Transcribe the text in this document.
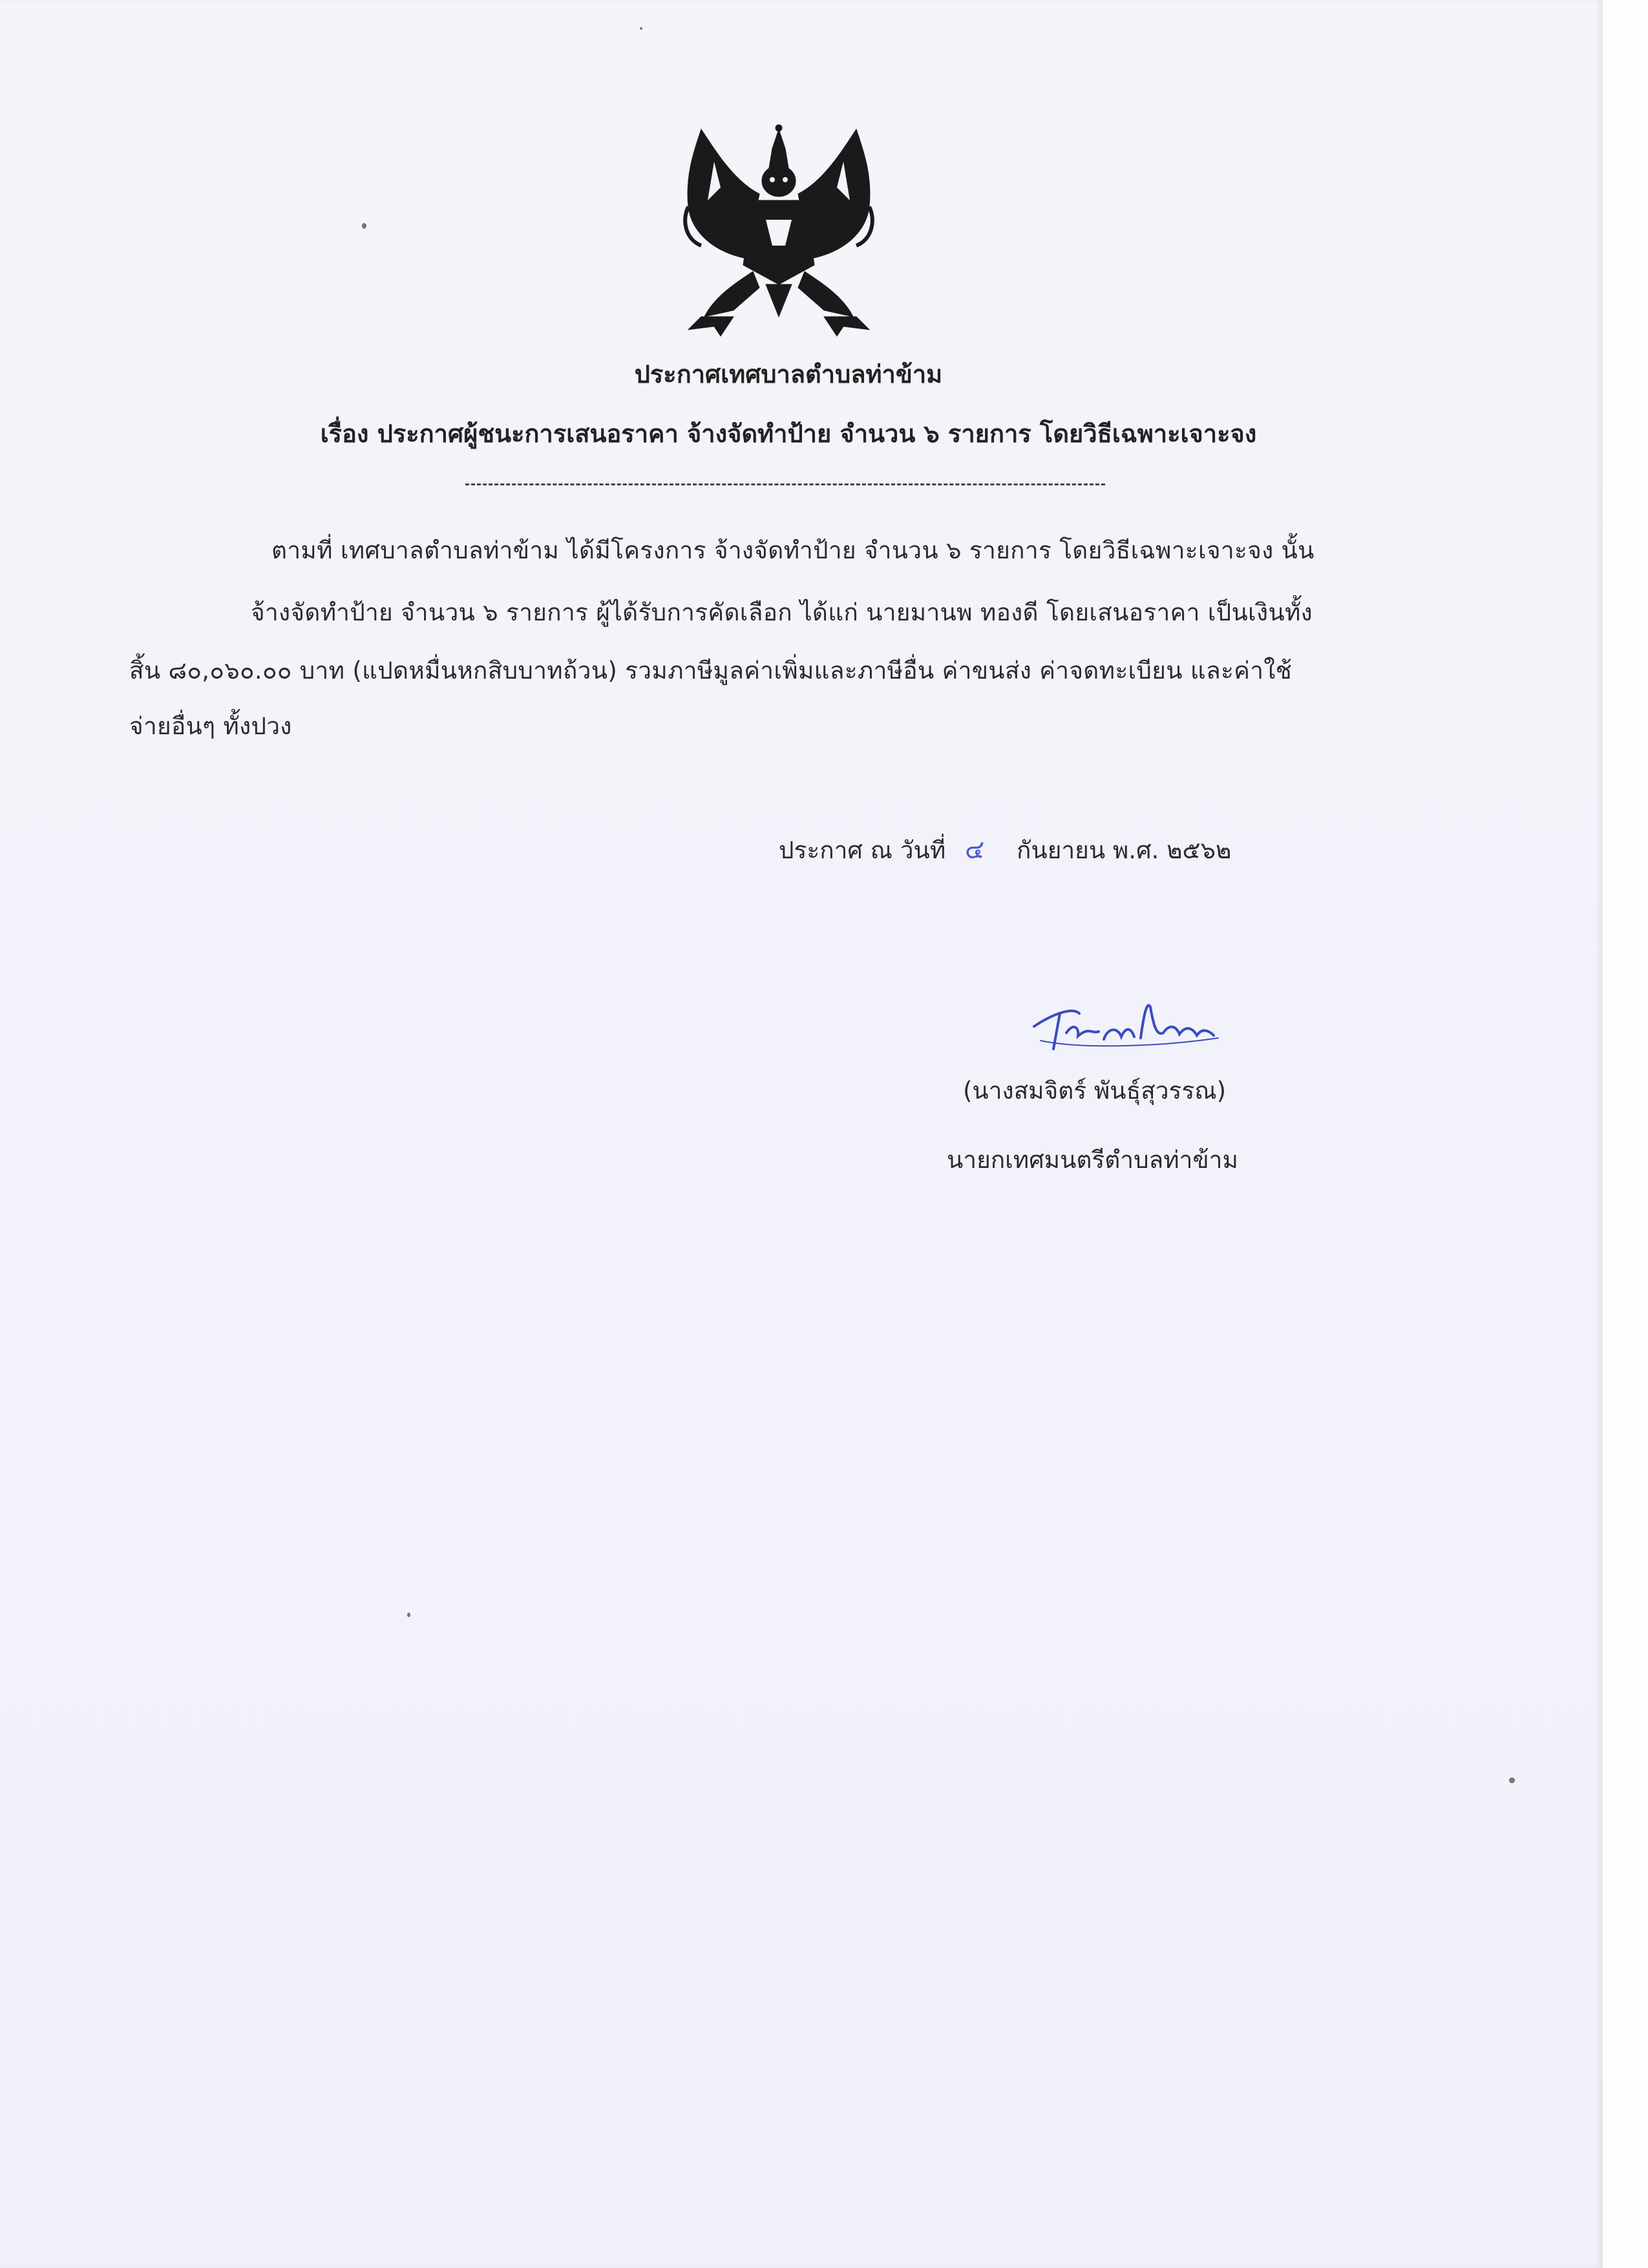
ประกาศเทศบาลตำบลท่าข้าม
เรื่อง ประกาศผู้ชนะการเสนอราคา จ้างจัดทำป้าย จำนวน ๖ รายการ โดยวิธีเฉพาะเจาะจง
ตามที่ เทศบาลตำบลท่าข้าม ได้มีโครงการ จ้างจัดทำป้าย จำนวน ๖ รายการ โดยวิธีเฉพาะเจาะจง นั้น
จ้างจัดทำป้าย จำนวน ๖ รายการ ผู้ได้รับการคัดเลือก ได้แก่ นายมานพ ทองดี โดยเสนอราคา เป็นเงินทั้ง
สิ้น ๘๐,๐๖๐.๐๐ บาท (แปดหมื่นหกสิบบาทถ้วน) รวมภาษีมูลค่าเพิ่มและภาษีอื่น ค่าขนส่ง ค่าจดทะเบียน และค่าใช้
จ่ายอื่นๆ ทั้งปวง
ประกาศ ณ วันที่ ๔ กันยายน พ.ศ. ๒๕๖๒
(นางสมจิตร์ พันธุ์สุวรรณ)
นายกเทศมนตรีตำบลท่าข้าม
